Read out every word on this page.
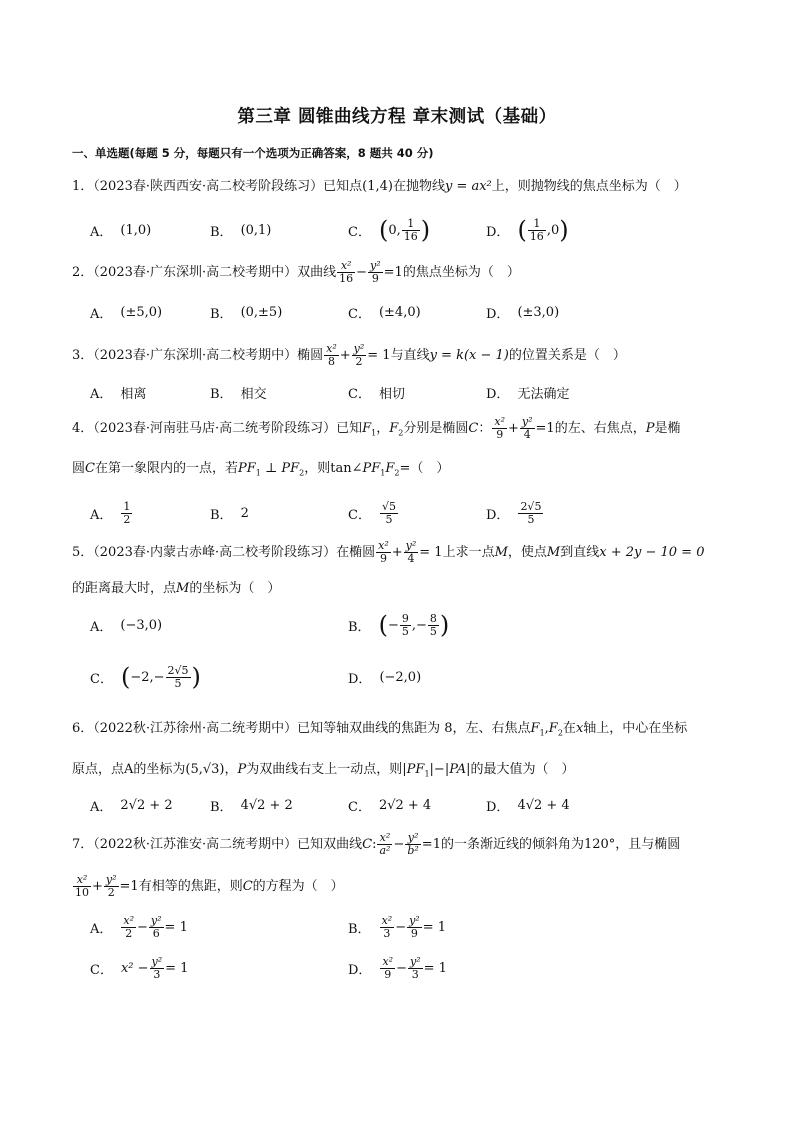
第三章 圆锥曲线方程 章末测试（基础）
一、单选题(每题 5 分，每题只有一个选项为正确答案，8 题共 40 分)
1．（2023春·陕西西安·高二校考阶段练习）已知点(1,4)在抛物线y = ax²上，则抛物线的焦点坐标为（　）
A． (1,0)	B． (0,1)	C． ( 0, $\frac{1}{16}$ )	D． ( $\frac{1}{16} ,0$ )
2．（2023春·广东深圳·高二校考期中）双曲线 $\frac{\text{x²}}{16} - \frac{\text{y²}}{9} =1$的焦点坐标为（　）
A． (±5,0)	B． (0,±5)	C． (±4,0)	D． (±3,0)
3．（2023春·广东深圳·高二校考期中）椭圆 $\frac{\text{x²}}{8} + \frac{\text{y²}}{2} = 1$与直线y = k(x − 1)的位置关系是（　）
A． 相离	B． 相交	C． 相切	D． 无法确定
4．（2023春·河南驻马店·高二统考阶段练习）已知$F_1$，$F_2$分别是椭圆C： $\frac{\text{x²}}{9} + \frac{\text{y²}}{4} =1$的左、右焦点，P是椭
圆C在第一象限内的一点，若$PF_1$ ⊥ $PF_2$，则$\tan\angle PF_1F_2=$（　）
A． $\frac{1}{2}$	B． 2	C． $\frac{√5}{5}$	D． $\frac{2√5}{5}$
5．（2023春·内蒙古赤峰·高二校考阶段练习）在椭圆 $\frac{\text{x²}}{9} + \frac{\text{y²}}{4} = 1$上求一点M，使点M到直线x + 2y − 10 = 0
的距离最大时，点M的坐标为（　）
A． (−3,0)	B． ( − $\frac{9}{5}$ ,− $\frac{8}{5}$ )
C． ( $-2,- \frac{2√5}{5}$ )	D． (−2,0)
6．（2022秋·江苏徐州·高二统考期中）已知等轴双曲线的焦距为 8，左、右焦点$F_1,F_2$在x轴上，中心在坐标
原点，点A的坐标为(5,√3)，P为双曲线右支上一动点，则$|PF_1|-|PA|$的最大值为（　）
A． 2√2 + 2	B． 4√2 + 2	C． 2√2 + 4	D． 4√2 + 4
7．（2022秋·江苏淮安·高二统考期中）已知双曲线C: $\frac{\text{x²}}{\text{a²}} - \frac{\text{y²}}{\text{b²}} =1$的一条渐近线的倾斜角为120°，且与椭圆
$\frac{\text{x²}}{10} + \frac{\text{y²}}{2} =1$有相等的焦距，则C的方程为（　）
A． $\frac{\text{x²}}{2} - \frac{\text{y²}}{6} = 1$	B． $\frac{\text{x²}}{3} - \frac{\text{y²}}{9} = 1$
C． $x^2 - \frac{\text{y²}}{3} = 1$	D． $\frac{\text{x²}}{9} - \frac{\text{y²}}{3} = 1$
